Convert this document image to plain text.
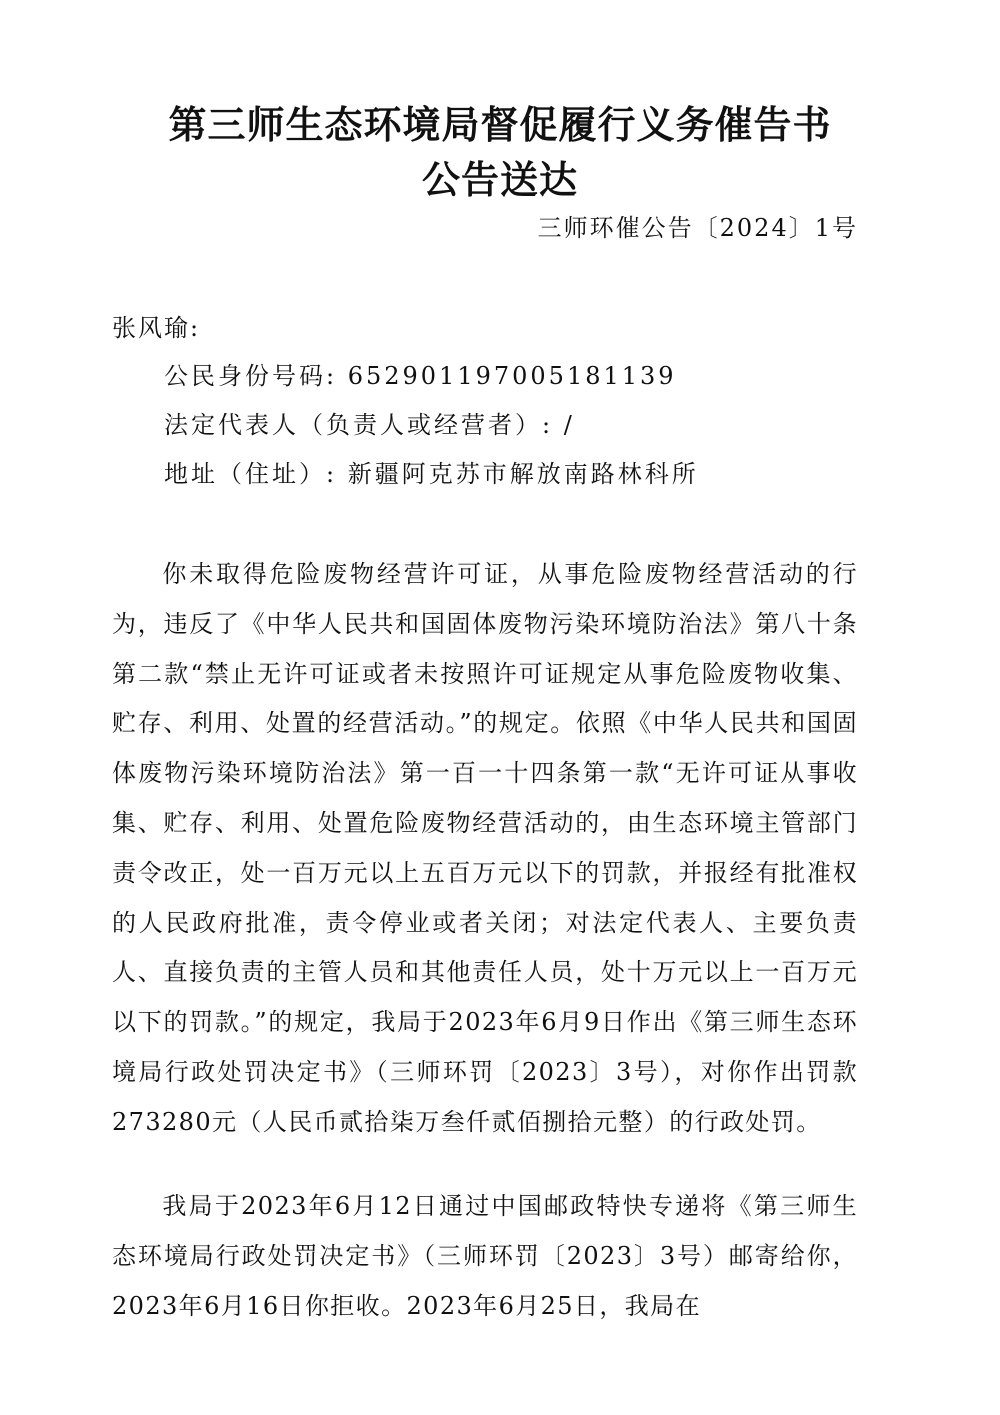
第三师生态环境局督促履行义务催告书
公告送达
三师环催公告〔2024〕1号
张风瑜:
公民身份号码: 652901197005181139
法定代表人（负责人或经营者）: /
地址（住址）: 新疆阿克苏市解放南路林科所

你未取得危险废物经营许可证，从事危险废物经营活动的行为，违反了《中华人民共和国固体废物污染环境防治法》第八十条第二款“禁止无许可证或者未按照许可证规定从事危险废物收集、贮存、利用、处置的经营活动。”的规定。依照《中华人民共和国固体废物污染环境防治法》第一百一十四条第一款“无许可证从事收集、贮存、利用、处置危险废物经营活动的，由生态环境主管部门责令改正，处一百万元以上五百万元以下的罚款，并报经有批准权的人民政府批准，责令停业或者关闭；对法定代表人、主要负责人、直接负责的主管人员和其他责任人员，处十万元以上一百万元以下的罚款。”的规定，我局于2023年6月9日作出《第三师生态环境局行政处罚决定书》（三师环罚〔2023〕3号），对你作出罚款273280元（人民币贰拾柒万叁仟贰佰捌拾元整）的行政处罚。

我局于2023年6月12日通过中国邮政特快专递将《第三师生态环境局行政处罚决定书》（三师环罚〔2023〕3号）邮寄给你，2023年6月16日你拒收。2023年6月25日，我局在
